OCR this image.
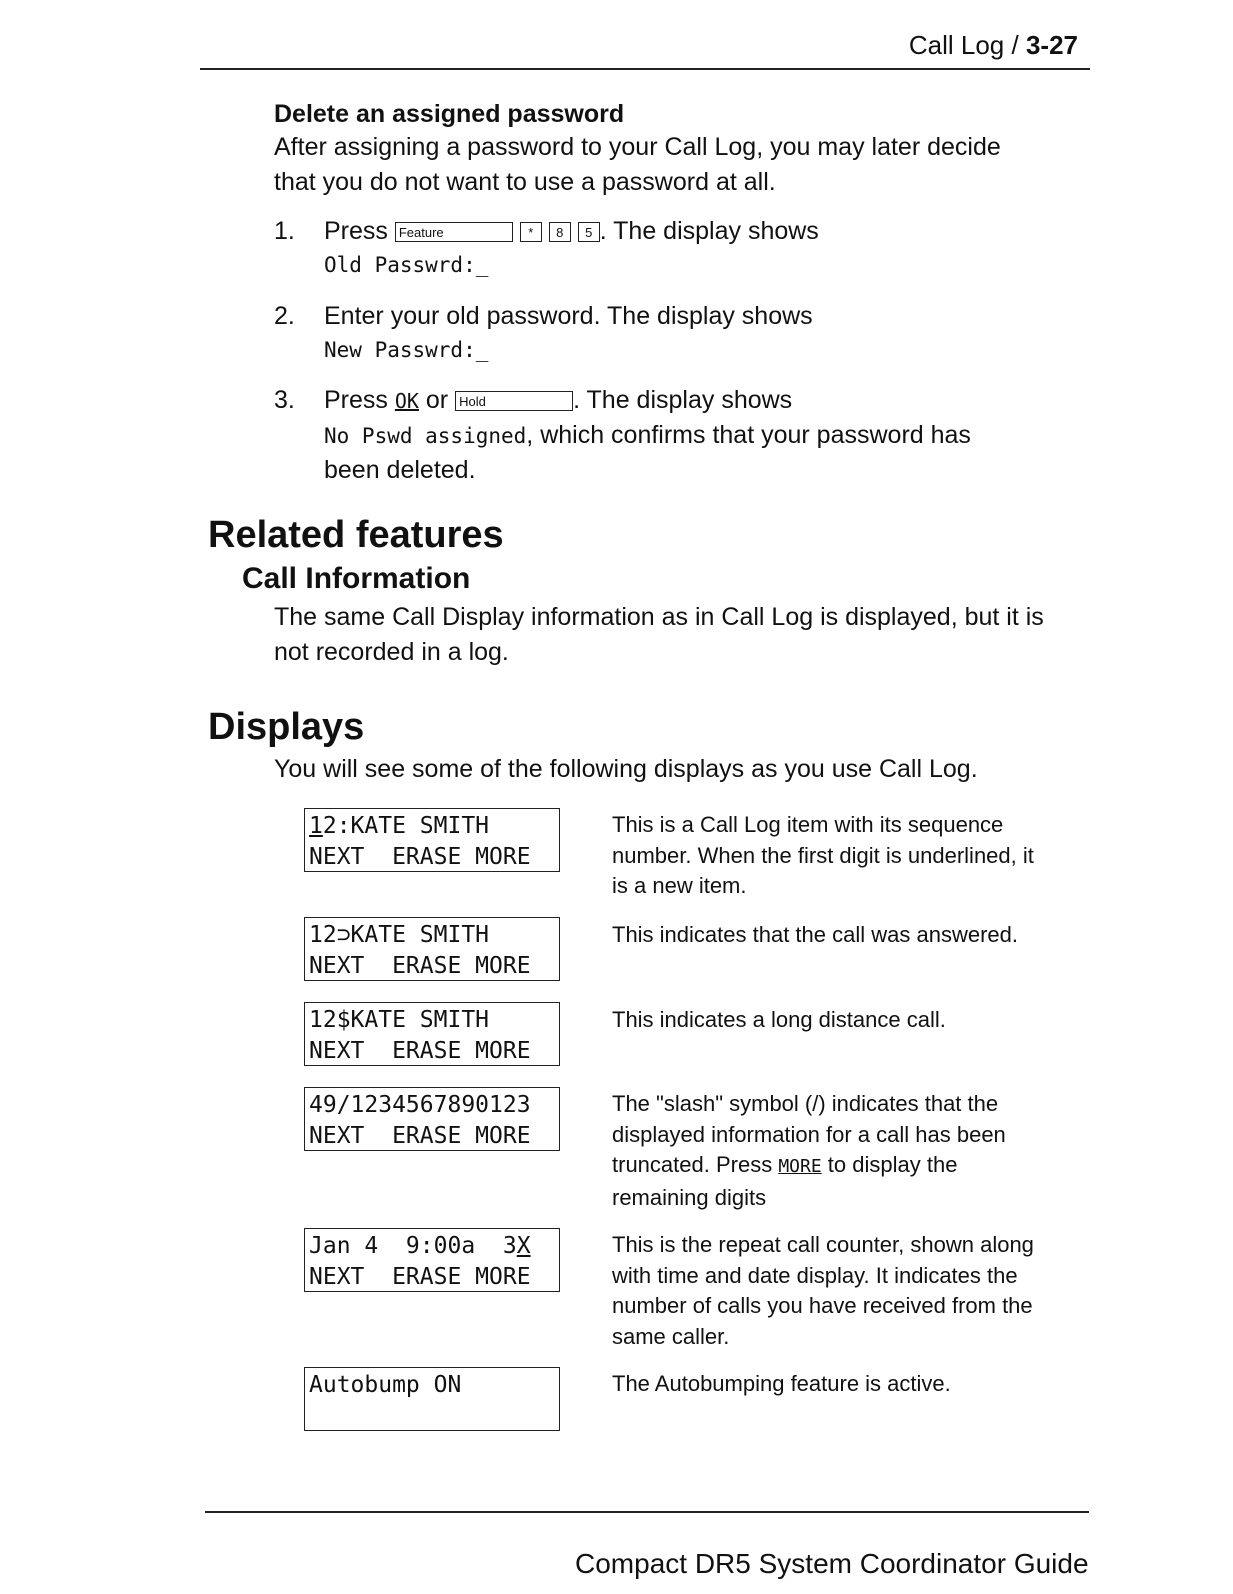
Call Log / 3-27
Delete an assigned password
After assigning a password to your Call Log, you may later decide that you do not want to use a password at all.
1. Press Feature	* 8 5 . The display shows
Old Passwrd:_
2. Enter your old password. The display shows
New Passwrd:_
3. Press OK or Hold	. The display shows
No Pswd assigned, which confirms that your password has
been deleted.
Related features
Call Information
The same Call Display information as in Call Log is displayed, but it is not recorded in a log.
Displays
You will see some of the following displays as you use Call Log.
12:KATE SMITH
NEXT  ERASE MORE
This is a Call Log item with its sequence number. When the first digit is underlined, it is a new item.
12⊃KATE SMITH
NEXT  ERASE MORE
This indicates that the call was answered.
12$KATE SMITH
NEXT  ERASE MORE
This indicates a long distance call.
49/1234567890123
NEXT  ERASE MORE
The "slash" symbol (/) indicates that the displayed information for a call has been truncated. Press MORE to display the remaining digits
Jan 4  9:00a  3X
NEXT  ERASE MORE
This is the repeat call counter, shown along with time and date display. It indicates the number of calls you have received from the same caller.
Autobump ON	The Autobumping feature is active.
Compact DR5 System Coordinator Guide
